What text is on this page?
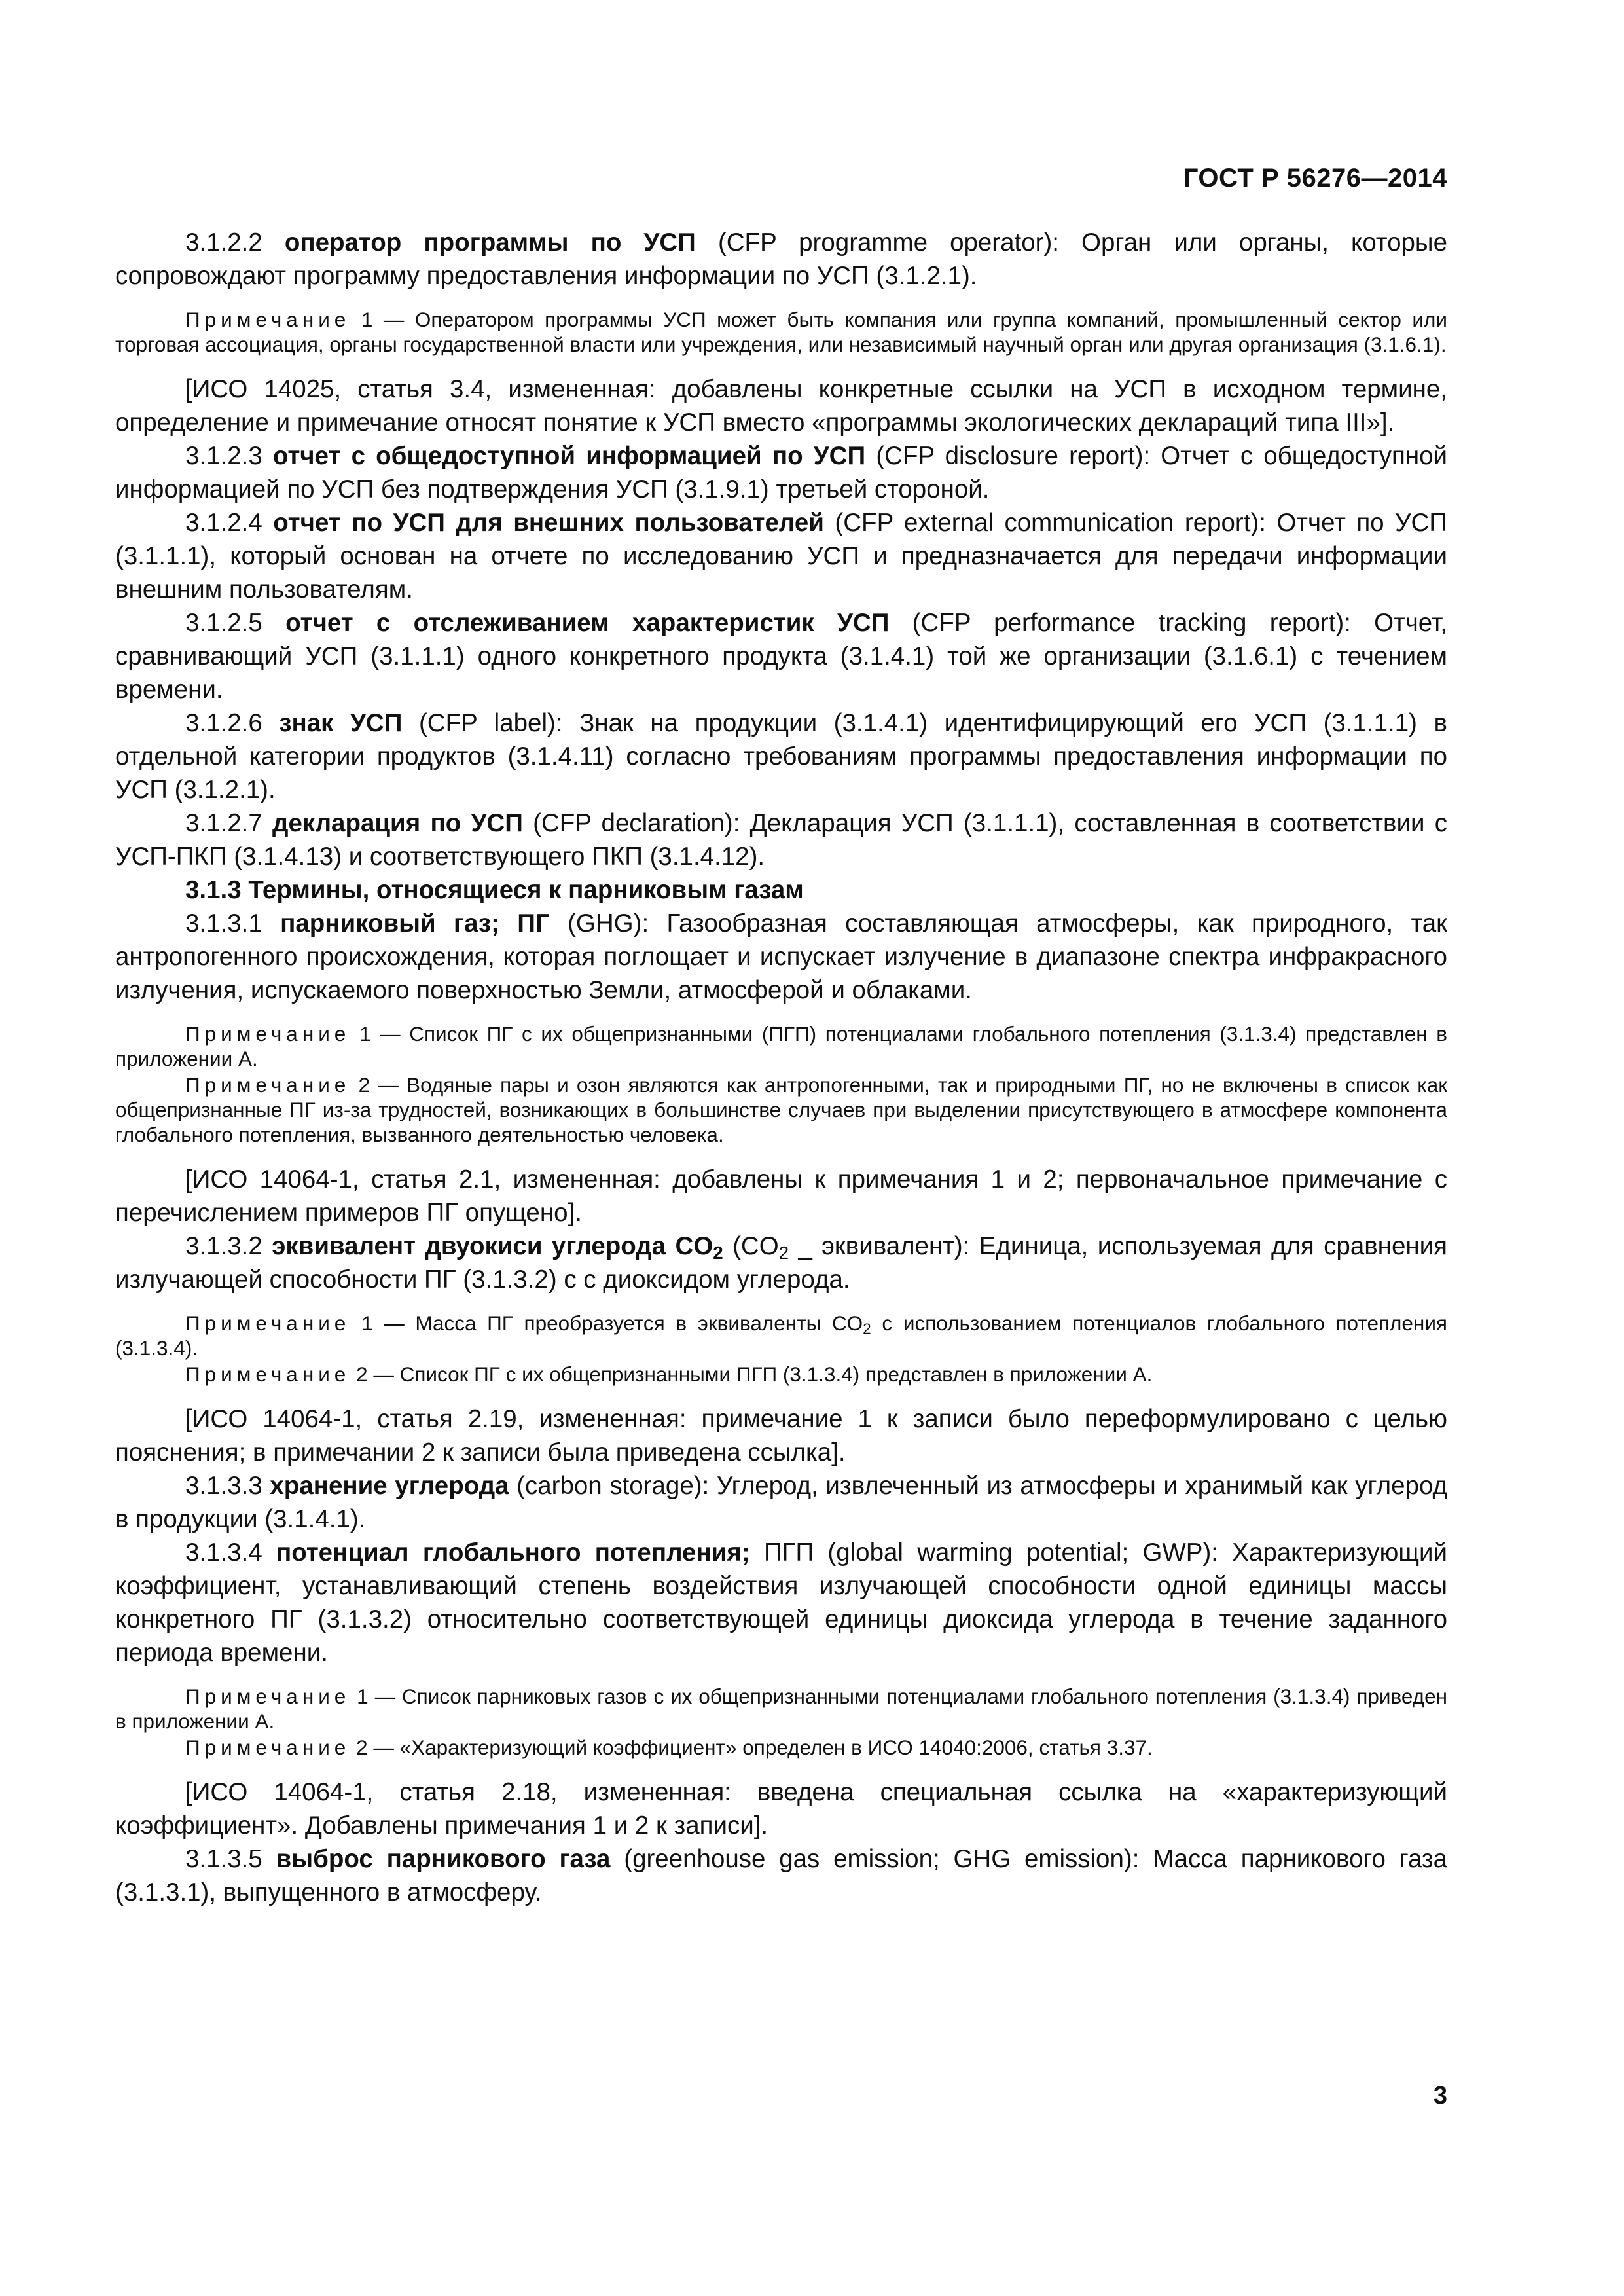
ГОСТ Р 56276—2014

3.1.2.2 оператор программы по УСП (CFP programme operator): Орган или органы, которые сопровождают программу предоставления информации по УСП (3.1.2.1).

Примечание 1 — Оператором программы УСП может быть компания или группа компаний, промышленный сектор или торговая ассоциация, органы государственной власти или учреждения, или независимый научный орган или другая организация (3.1.6.1).

[ИСО 14025, статья 3.4, измененная: добавлены конкретные ссылки на УСП в исходном термине, определение и примечание относят понятие к УСП вместо «программы экологических деклараций типа III»].

3.1.2.3 отчет с общедоступной информацией по УСП (CFP disclosure report): Отчет с общедоступной информацией по УСП без подтверждения УСП (3.1.9.1) третьей стороной.

3.1.2.4 отчет по УСП для внешних пользователей (CFP external communication report): Отчет по УСП (3.1.1.1), который основан на отчете по исследованию УСП и предназначается для передачи информации внешним пользователям.

3.1.2.5 отчет с отслеживанием характеристик УСП (CFP performance tracking report): Отчет, сравнивающий УСП (3.1.1.1) одного конкретного продукта (3.1.4.1) той же организации (3.1.6.1) с течением времени.

3.1.2.6 знак УСП (CFP label): Знак на продукции (3.1.4.1) идентифицирующий его УСП (3.1.1.1) в отдельной категории продуктов (3.1.4.11) согласно требованиям программы предоставления информации по УСП (3.1.2.1).

3.1.2.7 декларация по УСП (CFP declaration): Декларация УСП (3.1.1.1), составленная в соответствии с УСП-ПКП (3.1.4.13) и соответствующего ПКП (3.1.4.12).

3.1.3 Термины, относящиеся к парниковым газам

3.1.3.1 парниковый газ; ПГ (GHG): Газообразная составляющая атмосферы, как природного, так антропогенного происхождения, которая поглощает и испускает излучение в диапазоне спектра инфракрасного излучения, испускаемого поверхностью Земли, атмосферой и облаками.

Примечание 1 — Список ПГ с их общепризнанными (ПГП) потенциалами глобального потепления (3.1.3.4) представлен в приложении А.

Примечание 2 — Водяные пары и озон являются как антропогенными, так и природными ПГ, но не включены в список как общепризнанные ПГ из-за трудностей, возникающих в большинстве случаев при выделении присутствующего в атмосфере компонента глобального потепления, вызванного деятельностью человека.

[ИСО 14064-1, статья 2.1, измененная: добавлены к примечания 1 и 2; первоначальное примечание с перечислением примеров ПГ опущено].

3.1.3.2 эквивалент двуокиси углерода $CO_2$ ($CO_2$ _ эквивалент): Единица, используемая для сравнения излучающей способности ПГ (3.1.3.2) с с диоксидом углерода.

Примечание 1 — Масса ПГ преобразуется в эквиваленты $CO_2$ с использованием потенциалов глобального потепления (3.1.3.4).

Примечание 2 — Список ПГ с их общепризнанными ПГП (3.1.3.4) представлен в приложении А.

[ИСО 14064-1, статья 2.19, измененная: примечание 1 к записи было переформулировано с целью пояснения; в примечании 2 к записи была приведена ссылка].

3.1.3.3 хранение углерода (carbon storage): Углерод, извлеченный из атмосферы и хранимый как углерод в продукции (3.1.4.1).

3.1.3.4 потенциал глобального потепления; ПГП (global warming potential; GWP): Характеризующий коэффициент, устанавливающий степень воздействия излучающей способности одной единицы массы конкретного ПГ (3.1.3.2) относительно соответствующей единицы диоксида углерода в течение заданного периода времени.

Примечание 1 — Список парниковых газов с их общепризнанными потенциалами глобального потепления (3.1.3.4) приведен в приложении А.

Примечание 2 — «Характеризующий коэффициент» определен в ИСО 14040:2006, статья 3.37.

[ИСО 14064-1, статья 2.18, измененная: введена специальная ссылка на «характеризующий коэффициент». Добавлены примечания 1 и 2 к записи].

3.1.3.5 выброс парникового газа (greenhouse gas emission; GHG emission): Масса парникового газа (3.1.3.1), выпущенного в атмосферу.

3
